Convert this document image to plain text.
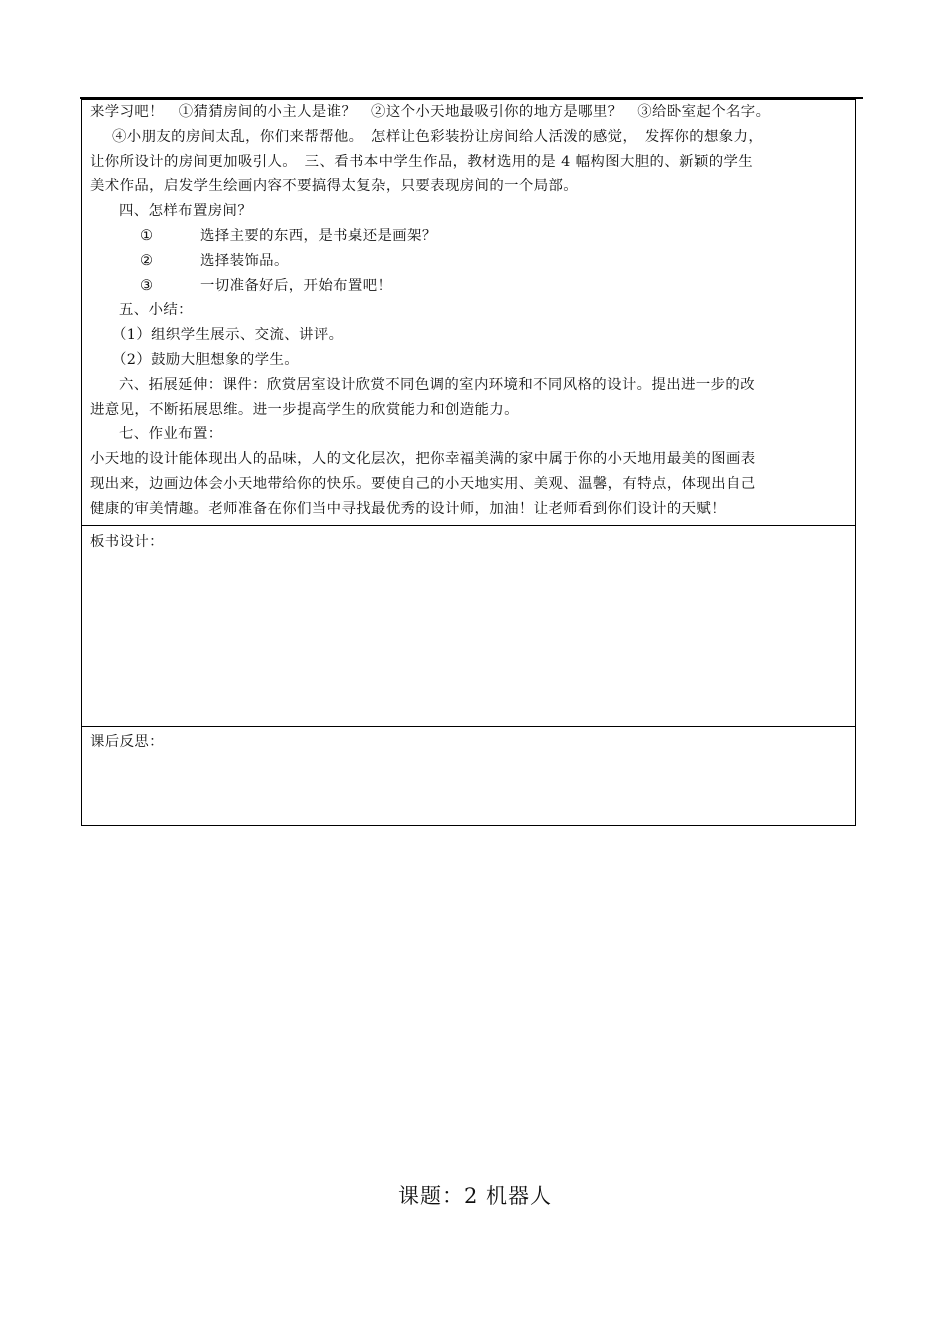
来学习吧！　①猜猜房间的小主人是谁？　②这个小天地最吸引你的地方是哪里？　③给卧室起个名字。

④小朋友的房间太乱，你们来帮帮他。　怎样让色彩装扮让房间给人活泼的感觉，　发挥你的想象力，

让你所设计的房间更加吸引人。　三、看书本中学生作品，教材选用的是 4 幅构图大胆的、新颖的学生

美术作品，启发学生绘画内容不要搞得太复杂，只要表现房间的一个局部。

四、怎样布置房间？

①	选择主要的东西，是书桌还是画架？

②	选择装饰品。

③	一切准备好后，开始布置吧！

五、小结：

（1）组织学生展示、交流、讲评。

（2）鼓励大胆想象的学生。

六、拓展延伸：课件：欣赏居室设计欣赏不同色调的室内环境和不同风格的设计。提出进一步的改

进意见，不断拓展思维。进一步提高学生的欣赏能力和创造能力。

七、作业布置：

小天地的设计能体现出人的品味，人的文化层次，把你幸福美满的家中属于你的小天地用最美的图画表

现出来，边画边体会小天地带给你的快乐。要使自己的小天地实用、美观、温馨，有特点，体现出自己

健康的审美情趣。老师准备在你们当中寻找最优秀的设计师，加油！让老师看到你们设计的天赋！

板书设计：
课后反思：
课题：2 机器人
